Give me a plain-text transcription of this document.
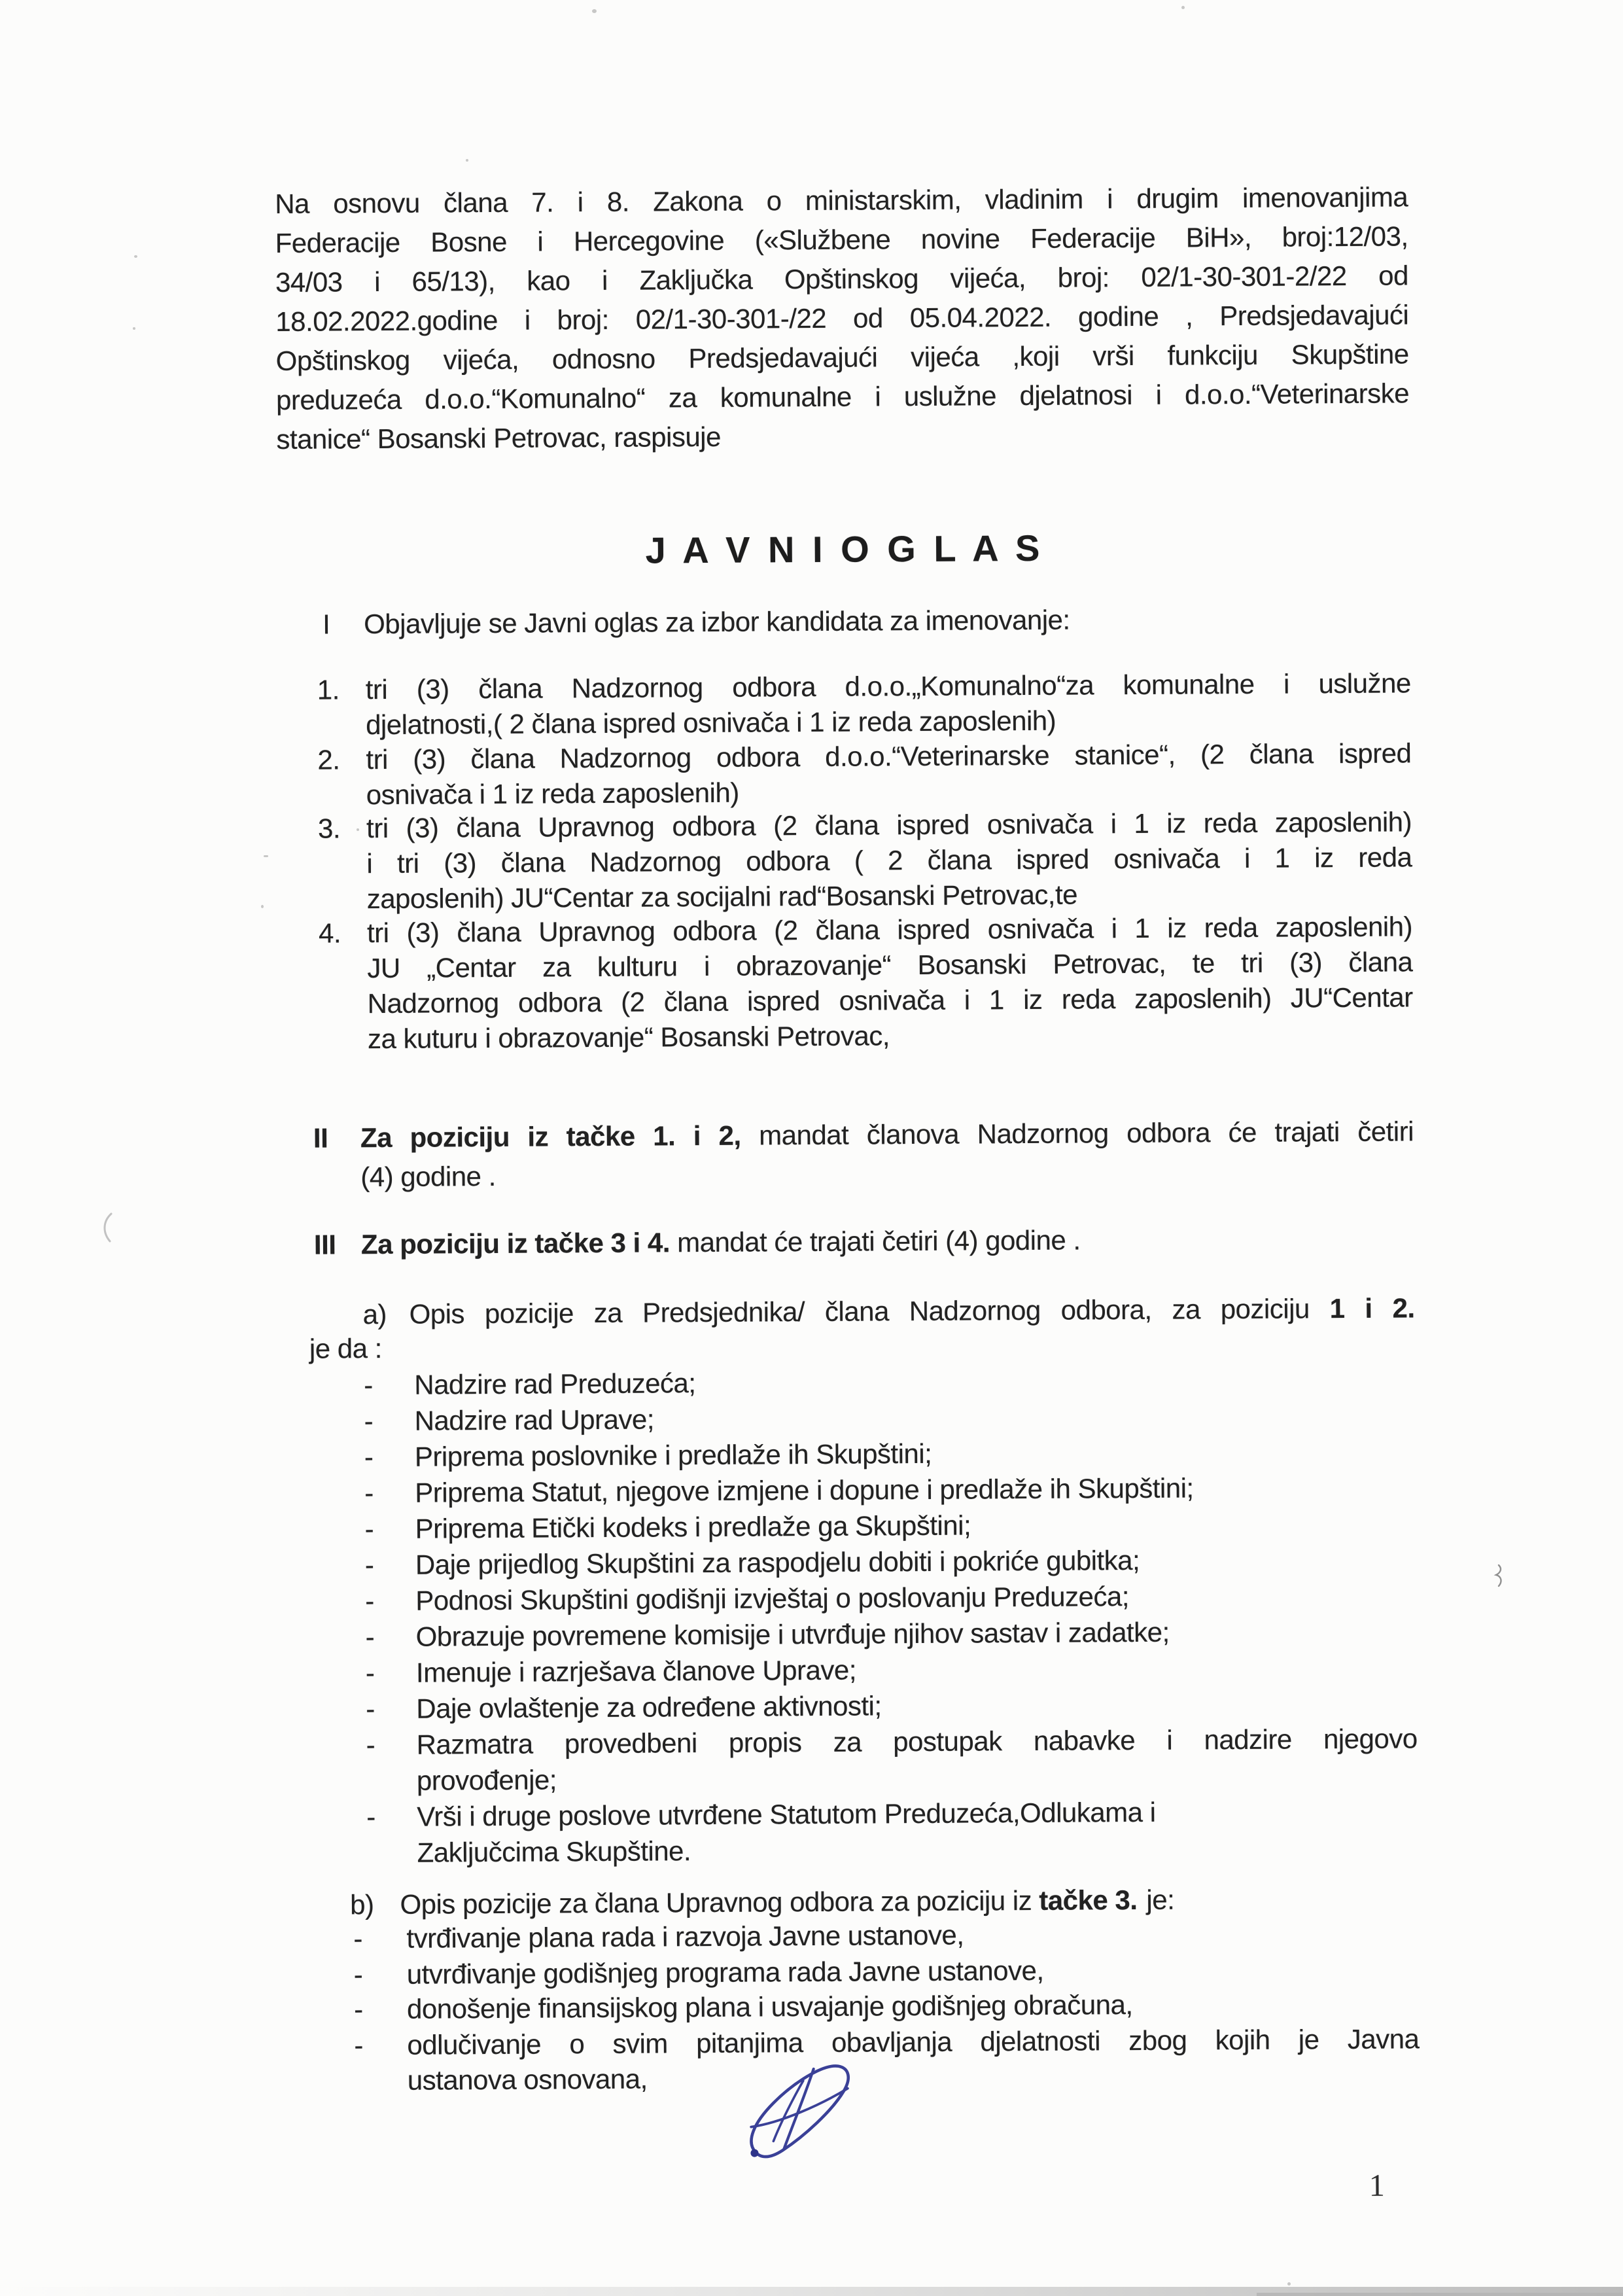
Na osnovu člana 7. i 8. Zakona o ministarskim, vladinim i drugim imenovanjima
Federacije Bosne i Hercegovine («Službene novine Federacije BiH», broj:12/03,
34/03 i 65/13), kao i Zaključka Opštinskog vijeća, broj: 02/1-30-301-2/22 od
18.02.2022.godine i broj: 02/1-30-301-/22 od 05.04.2022. godine , Predsjedavajući
Opštinskog vijeća, odnosno Predsjedavajući vijeća ,koji vrši funkciju Skupštine
preduzeća d.o.o.“Komunalno“ za komunalne i uslužne djelatnosi i d.o.o.“Veterinarske
stanice“ Bosanski Petrovac, raspisuje
J A V N I O G L A S
I Objavljuje se Javni oglas za izbor kandidata za imenovanje:
1. tri (3) člana Nadzornog odbora d.o.o.„Komunalno“za komunalne i uslužne
djelatnosti,( 2 člana ispred osnivača i 1 iz reda zaposlenih)
2. tri (3) člana Nadzornog odbora d.o.o.“Veterinarske stanice“, (2 člana ispred
osnivača i 1 iz reda zaposlenih)
3. tri (3) člana Upravnog odbora (2 člana ispred osnivača i 1 iz reda zaposlenih)
i tri (3) člana Nadzornog odbora ( 2 člana ispred osnivača i 1 iz reda
zaposlenih) JU“Centar za socijalni rad“Bosanski Petrovac,te
4. tri (3) člana Upravnog odbora (2 člana ispred osnivača i 1 iz reda zaposlenih)
JU „Centar za kulturu i obrazovanje“ Bosanski Petrovac, te tri (3) člana
Nadzornog odbora (2 člana ispred osnivača i 1 iz reda zaposlenih) JU“Centar
za kuturu i obrazovanje“ Bosanski Petrovac,
II Za poziciju iz tačke 1. i 2, mandat članova Nadzornog odbora će trajati četiri
(4) godine .
III Za poziciju iz tačke 3 i 4. mandat će trajati četiri (4) godine .
a) Opis pozicije za Predsjednika/ člana Nadzornog odbora, za poziciju 1 i 2.
je da :
- Nadzire rad Preduzeća;
- Nadzire rad Uprave;
- Priprema poslovnike i predlaže ih Skupštini;
- Priprema Statut, njegove izmjene i dopune i predlaže ih Skupštini;
- Priprema Etički kodeks i predlaže ga Skupštini;
- Daje prijedlog Skupštini za raspodjelu dobiti i pokriće gubitka;
- Podnosi Skupštini godišnji izvještaj o poslovanju Preduzeća;
- Obrazuje povremene komisije i utvrđuje njihov sastav i zadatke;
- Imenuje i razrješava članove Uprave;
- Daje ovlaštenje za određene aktivnosti;
- Razmatra provedbeni propis za postupak nabavke i nadzire njegovo
provođenje;
- Vrši i druge poslove utvrđene Statutom Preduzeća,Odlukama i
Zaključcima Skupštine.
b) Opis pozicije za člana Upravnog odbora za poziciju iz tačke 3. je:
- tvrđivanje plana rada i razvoja Javne ustanove,
- utvrđivanje godišnjeg programa rada Javne ustanove,
- donošenje finansijskog plana i usvajanje godišnjeg obračuna,
- odlučivanje o svim pitanjima obavljanja djelatnosti zbog kojih je Javna
ustanova osnovana,
1
